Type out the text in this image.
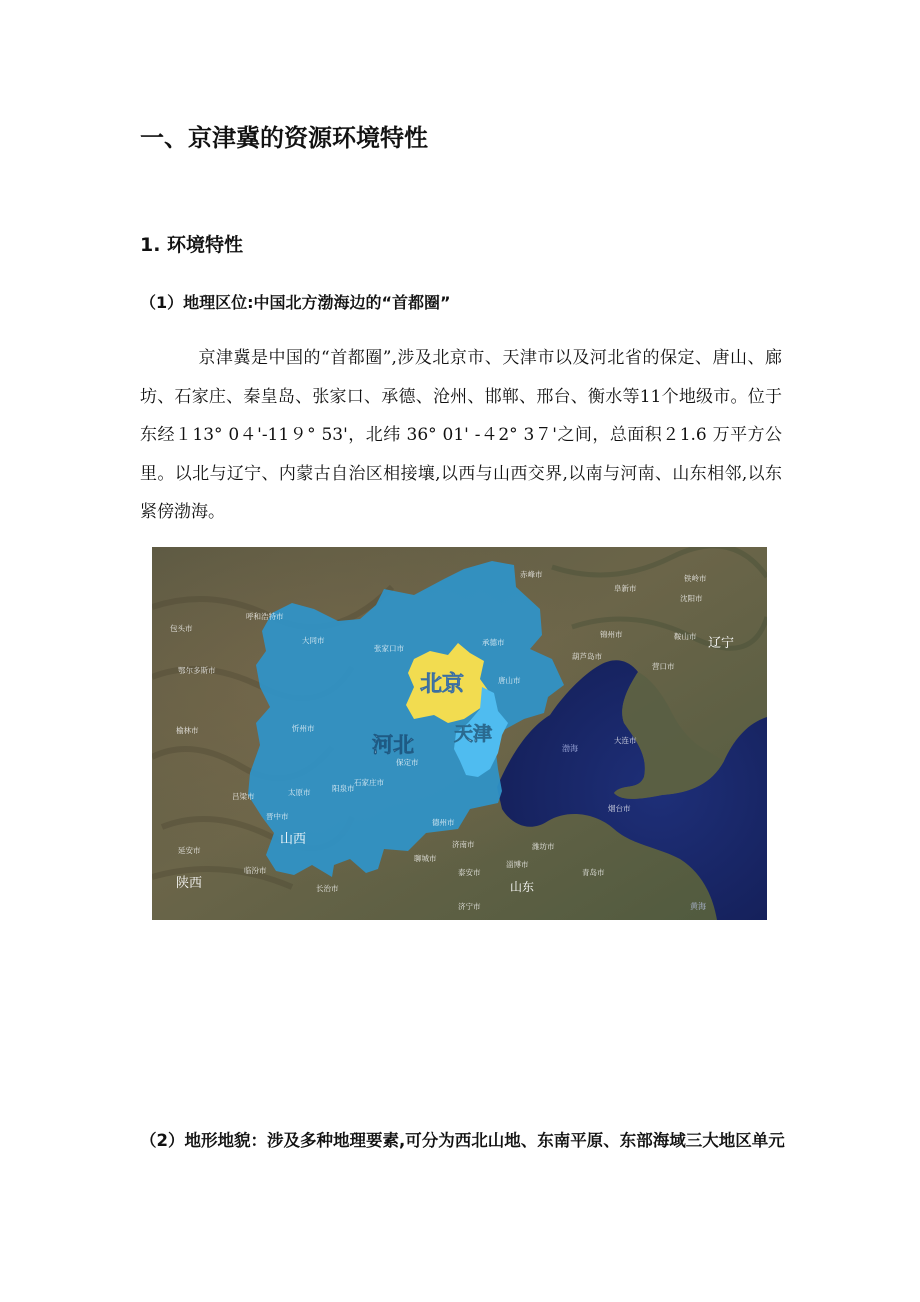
一、京津冀的资源环境特性
1. 环境特性
（1）地理区位:中国北方渤海边的“首都圈”

京津冀是中国的“首都圈”,涉及北京市、天津市以及河北省的保定、唐山、廊坊、石家庄、秦皇岛、张家口、承德、沧州、邯郸、邢台、衡水等11个地级市。位于东经１13° 0４'-11９° 53'，北纬 36° 01' -４2° 3７'之间，总面积２1.6 万平方公里。以北与辽宁、内蒙古自治区相接壤,以西与山西交界,以南与河南、山东相邻,以东紧傍渤海。

北京
天津
河北
辽宁
山西
陕西	山东
渤海
黄海
沈阳市
大连市
济南市
青岛市
烟台市
石家庄市
太原市
保定市
唐山市
潍坊市
济宁市
泰安市
聊城市
承德市
张家口市
赤峰市
阜新市
锦州市
葫芦岛市
鞍山市
营口市
铁岭市
呼和浩特市
包头市
大同市
忻州市
阳泉市
吕梁市
晋中市
临汾市
长治市
榆林市
延安市
鄂尔多斯市
淄博市
德州市

（2）地形地貌：涉及多种地理要素,可分为西北山地、东南平原、东部海域三大地区单元
